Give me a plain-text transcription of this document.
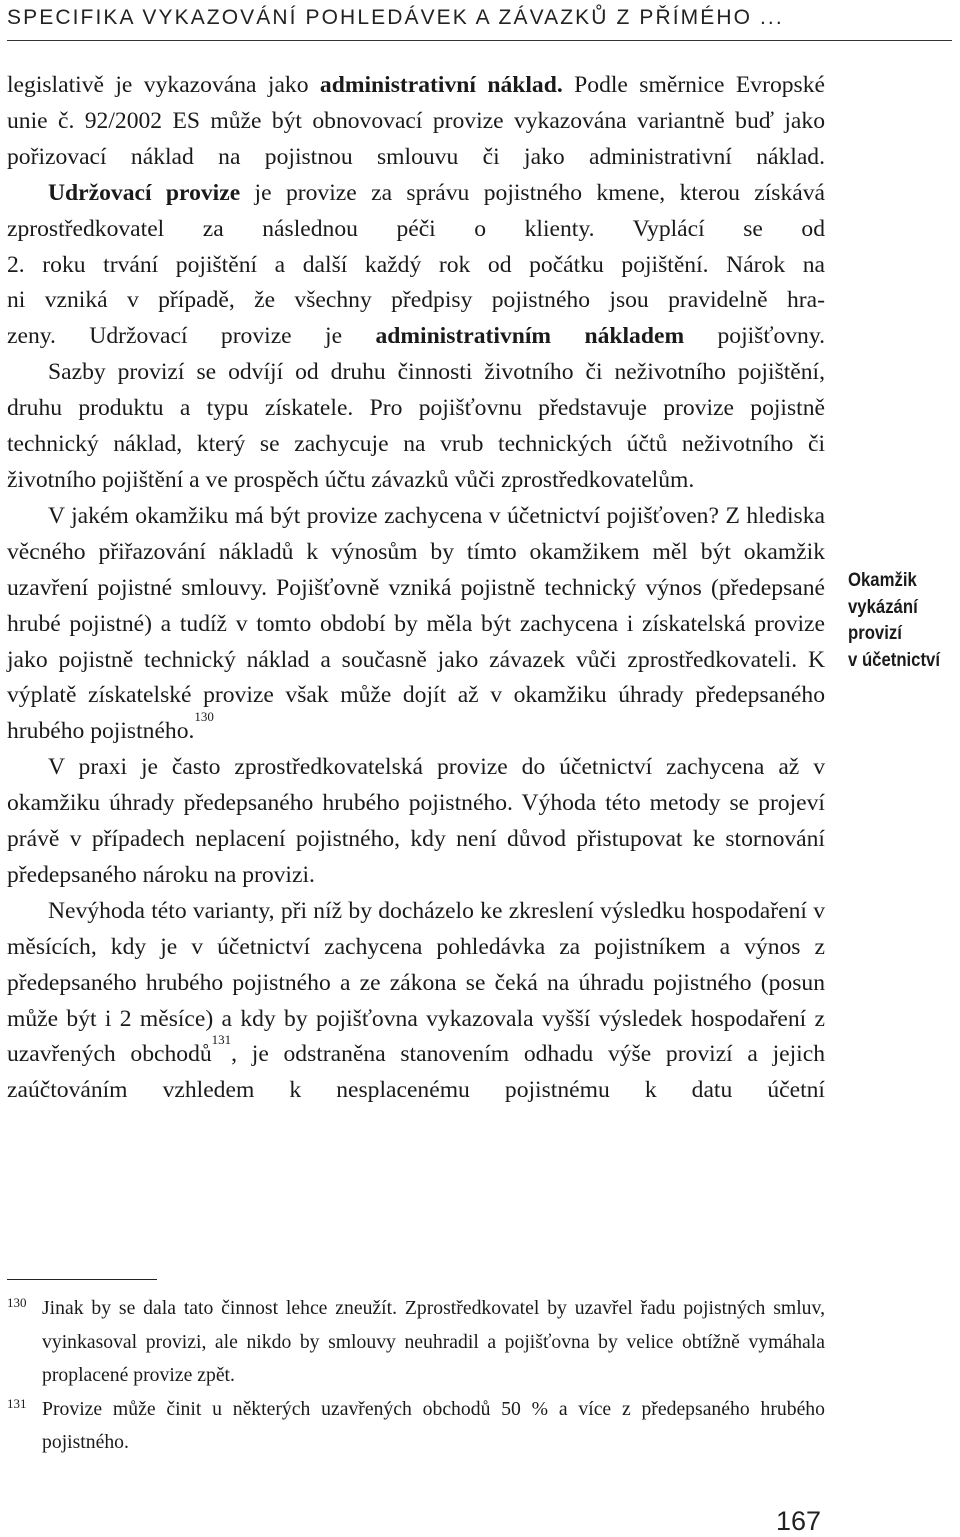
SPECIFIKA VYKAZOVÁNÍ POHLEDÁVEK A ZÁVAZKŮ Z PŘÍMÉHO ...

legislativě je vykazována jako administrativní náklad. Podle směrnice Evropské unie č. 92/2002 ES může být obnovovací provize vykazována variantně buď jako pořizovací náklad na pojistnou smlouvu či jako administrativní náklad.

Udržovací provize je provize za správu pojistného kmene, kterou získává zprostředkovatel za následnou péči o klienty. Vyplácí se od

2. roku trvání pojištění a další každý rok od počátku pojištění. Nárok na

ni vzniká v případě, že všechny předpisy pojistného jsou pravidelně hra-

zeny. Udržovací provize je administrativním nákladem pojišťovny.

Sazby provizí se odvíjí od druhu činnosti životního či neživotního pojištění, druhu produktu a typu získatele. Pro pojišťovnu představuje provize pojistně technický náklad, který se zachycuje na vrub technických účtů neživotního či životního pojištění a ve prospěch účtu závazků vůči zprostředkovatelům.

V jakém okamžiku má být provize zachycena v účetnictví pojišťoven? Z hlediska věcného přiřazování nákladů k výnosům by tímto okamžikem měl být okamžik uzavření pojistné smlouvy. Pojišťovně vzniká pojistně technický výnos (předepsané hrubé pojistné) a tudíž v tomto období by měla být zachycena i získatelská provize jako pojistně technický náklad a současně jako závazek vůči zprostředkovateli. K výplatě získatelské provize však může dojít až v okamžiku úhrady předepsaného hrubého pojistného.$^{130}$

V praxi je často zprostředkovatelská provize do účetnictví zachycena až v okamžiku úhrady předepsaného hrubého pojistného. Výhoda této metody se projeví právě v případech neplacení pojistného, kdy není důvod přistupovat ke stornování předepsaného nároku na provizi.

Nevýhoda této varianty, při níž by docházelo ke zkreslení výsledku hospodaření v měsících, kdy je v účetnictví zachycena pohledávka za pojistníkem a výnos z předepsaného hrubého pojistného a ze zákona se čeká na úhradu pojistného (posun může být i 2 měsíce) a kdy by pojišťovna vykazovala vyšší výsledek hospodaření z uzavřených obchodů$^{131}$, je odstraněna stanovením odhadu výše provizí a jejich zaúčtováním vzhledem k nesplacenému pojistnému k datu účetní

Okamžik
vykázání
provizí
v účetnictví
130 Jinak by se dala tato činnost lehce zneužít. Zprostředkovatel by uzavřel řadu pojistných smluv, vyinkasoval provizi, ale nikdo by smlouvy neuhradil a pojišťovna by velice obtížně vymáhala proplacené provize zpět.
131 Provize může činit u některých uzavřených obchodů 50 % a více z předepsaného hrubého pojistného.
167
